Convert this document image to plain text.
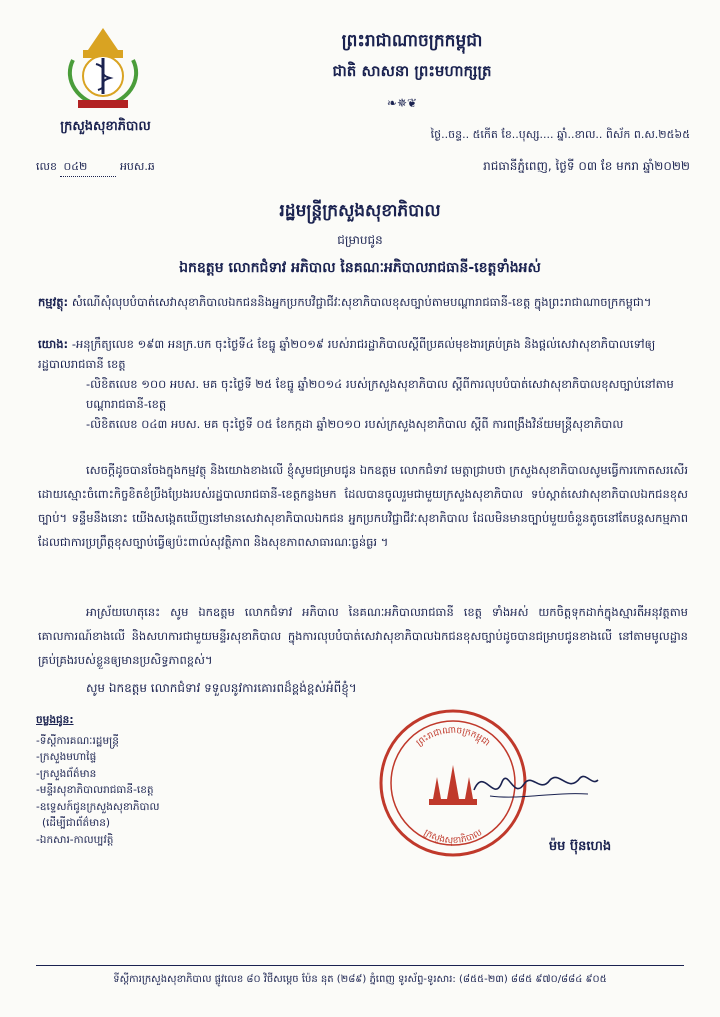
ក្រសួងសុខាភិបាល
លេខ ០៤២	អបស.​ឆ
ព្រះរាជាណាចក្រកម្ពុជា
ជាតិ សាសនា ព្រះមហាក្សត្រ
❧✵❦
ថ្ងៃ..ចន្ទ.. ៥កើត ខែ..បុស្ស.... ឆ្នាំ..ខាល.. ពិស័ក ព.ស.២៥៦៥
រាជធានីភ្នំពេញ, ថ្ងៃទី ០៣ ខែ មករា ឆ្នាំ២០២២
រដ្ឋមន្ត្រីក្រសួងសុខាភិបាល
ជម្រាបជូន
ឯកឧត្តម លោកជំទាវ អភិបាល នៃគណៈអភិបាលរាជធានី-ខេត្តទាំងអស់
កម្មវត្ថុ: សំណើសុំលុបបំបាត់សេវាសុខាភិបាលឯកជននិងអ្នកប្រកបវិជ្ជាជីវៈសុខាភិបាលខុសច្បាប់តាមបណ្តារាជធានី-ខេត្ត ក្នុងព្រះរាជាណាចក្រកម្ពុជា។
យោង: -អនុក្រឹត្យលេខ ១៩៣ អនក្រ.បក ចុះថ្ងៃទី៤ ខែធ្នូ ឆ្នាំ២០១៩ របស់រាជរដ្ឋាភិបាលស្តីពីប្រគល់មុខងារគ្រប់គ្រង និងផ្តល់សេវាសុខាភិបាលទៅឲ្យរដ្ឋបាលរាជធានី ខេត្ត
-លិខិតលេខ ១០០ អបស. មគ ចុះថ្ងៃទី ២៥ ខែធ្នូ ឆ្នាំ២០១៤ របស់ក្រសួងសុខាភិបាល ស្តីពីការលុបបំបាត់សេវាសុខាភិបាលខុសច្បាប់នៅតាមបណ្តារាជធានី-ខេត្ត
-លិខិតលេខ ០៤៣ អបស. មគ ចុះថ្ងៃទី ០៥ ខែកក្កដា ឆ្នាំ២០១០ របស់ក្រសួងសុខាភិបាល ស្តីពី ការពង្រឹងវិន័យមន្ត្រីសុខាភិបាល
សេចក្តីដូចបានចែងក្នុងកម្មវត្ថុ និងយោងខាងលើ ខ្ញុំសូមជម្រាបជូន ឯកឧត្តម លោកជំទាវ មេត្តាជ្រាបថា ក្រសួងសុខាភិបាលសូមធ្វើការកោតសរសើរដោយស្មោះចំពោះកិច្ចខិតខំប្រឹងប្រែងរបស់រដ្ឋបាលរាជធានី-ខេត្តកន្លងមក ដែលបានចូលរួមជាមួយក្រសួងសុខាភិបាល ទប់ស្កាត់សេវាសុខាភិបាលឯកជនខុសច្បាប់។ ទន្ទឹមនឹងនោះ យើងសង្កេតឃើញនៅមានសេវាសុខាភិបាលឯកជន អ្នកប្រកបវិជ្ជាជីវៈសុខាភិបាល ដែលមិនមានច្បាប់មួយចំនួនតូចនៅតែបន្តសកម្មភាព ដែលជាការប្រព្រឹត្តខុសច្បាប់ធ្វើឲ្យប៉ះពាល់សុវត្ថិភាព និងសុខភាពសាធារណៈធ្ងន់ធ្ងរ ។
អាស្រ័យហេតុនេះ សូម ឯកឧត្តម លោកជំទាវ អភិបាល នៃគណៈអភិបាលរាជធានី ខេត្ត ទាំងអស់ យកចិត្តទុកដាក់ក្នុងស្មារតីអនុវត្តតាមគោលការណ៍ខាងលើ និងសហការជាមួយមន្ទីរសុខាភិបាល ក្នុងការលុបបំបាត់សេវាសុខាភិបាលឯកជនខុសច្បាប់ដូចបានជម្រាបជូនខាងលើ នៅតាមមូលដ្ឋានគ្រប់គ្រងរបស់ខ្លួនឲ្យមានប្រសិទ្ធភាពខ្ពស់។
សូម ឯកឧត្តម លោកជំទាវ ទទួលនូវការគោរពដ៏ខ្ពង់ខ្ពស់អំពីខ្ញុំ។
ចម្លងជូន:
-ទីស្តីការគណៈរដ្ឋមន្ត្រី
-ក្រសួងមហាផ្ទៃ
-ក្រសួងព័ត៌មាន
-មន្ទីរសុខាភិបាលរាជធានី-ខេត្ត
-ឧទ្ទេសក៍ជូនក្រសួងសុខាភិបាល
(ដើម្បីជាព័ត៌មាន)
-ឯកសារ-កាលប្បវត្តិ
ព្រះរាជាណាចក្រកម្ពុជា
ក្រសួងសុខាភិបាល
ម៉ម ប៊ុនហេង
ទីស្តីការក្រសួងសុខាភិបាល ផ្លូវលេខ ៨០ វិថីសម្តេច ប៉ែន នុត (២៨៩) ភ្នំពេញ ទូរស័ព្ទ-ទូរសារ: (៨៥៥-២៣) ៨៨៥ ៩៧០/៨៨៤ ៩០៥
